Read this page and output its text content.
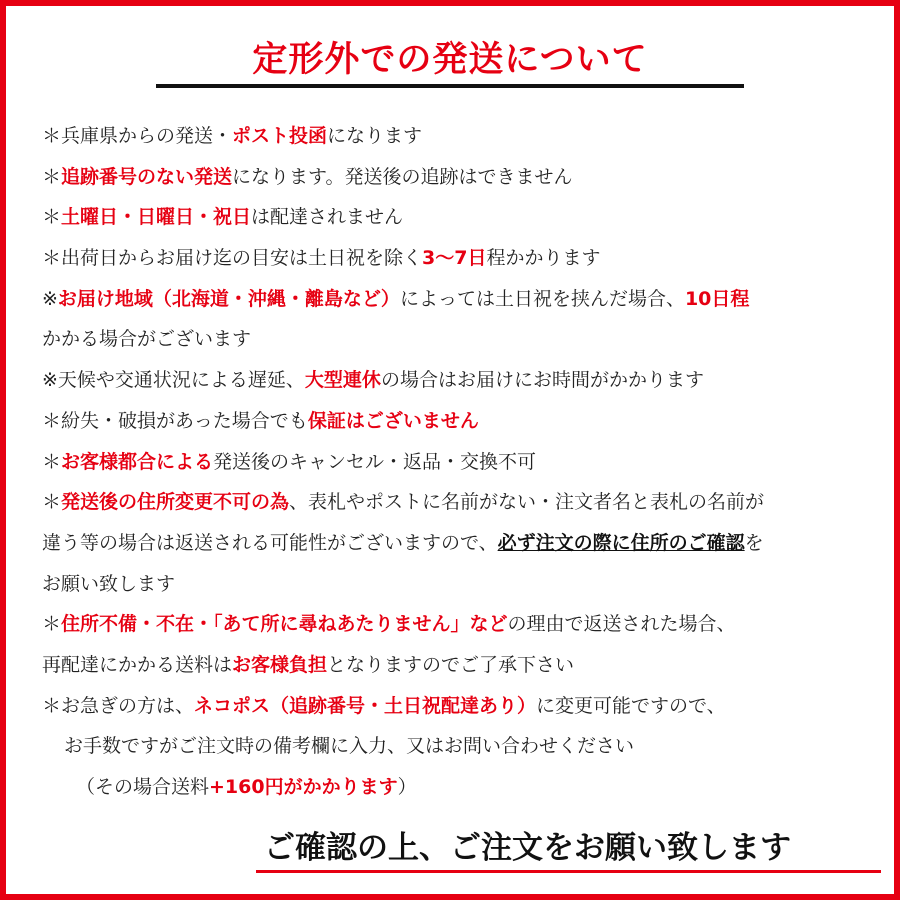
定形外での発送について
＊兵庫県からの発送・ポスト投函になります
＊追跡番号のない発送になります。発送後の追跡はできません
＊土曜日・日曜日・祝日は配達されません
＊出荷日からお届け迄の目安は土日祝を除く3～7日程かかります
※お届け地域（北海道・沖縄・離島など）によっては土日祝を挟んだ場合、10日程
かかる場合がございます
※天候や交通状況による遅延、大型連休の場合はお届けにお時間がかかります
＊紛失・破損があった場合でも保証はございません
＊お客様都合による発送後のキャンセル・返品・交換不可
＊発送後の住所変更不可の為、表札やポストに名前がない・注文者名と表札の名前が
違う等の場合は返送される可能性がございますので、必ず注文の際に住所のご確認を
お願い致します
＊住所不備・不在・「あて所に尋ねあたりません」などの理由で返送された場合、
再配達にかかる送料はお客様負担となりますのでご了承下さい
＊お急ぎの方は、ネコポス（追跡番号・土日祝配達あり）に変更可能ですので、
お手数ですがご注文時の備考欄に入力、又はお問い合わせください
（その場合送料+160円がかかります）
ご確認の上、ご注文をお願い致します
